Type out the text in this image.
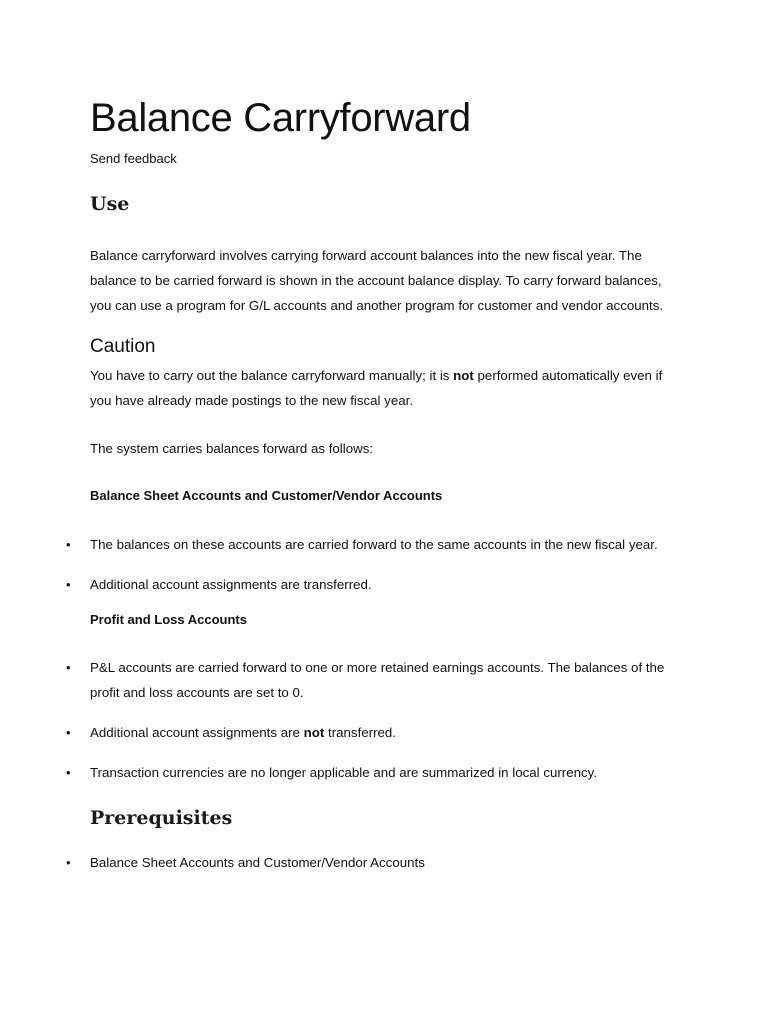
Balance Carryforward
Send feedback
Use

Balance carryforward involves carrying forward account balances into the new fiscal year. The balance to be carried forward is shown in the account balance display. To carry forward balances, you can use a program for G/L accounts and another program for customer and vendor accounts.

Caution

You have to carry out the balance carryforward manually; it is not performed automatically even if you have already made postings to the new fiscal year.

The system carries balances forward as follows:

Balance Sheet Accounts and Customer/Vendor Accounts
• The balances on these accounts are carried forward to the same accounts in the new fiscal year.
• Additional account assignments are transferred.
Profit and Loss Accounts
• P&L accounts are carried forward to one or more retained earnings accounts. The balances of the profit and loss accounts are set to 0.
• Additional account assignments are not transferred.
• Transaction currencies are no longer applicable and are summarized in local currency.
Prerequisites
• Balance Sheet Accounts and Customer/Vendor Accounts
